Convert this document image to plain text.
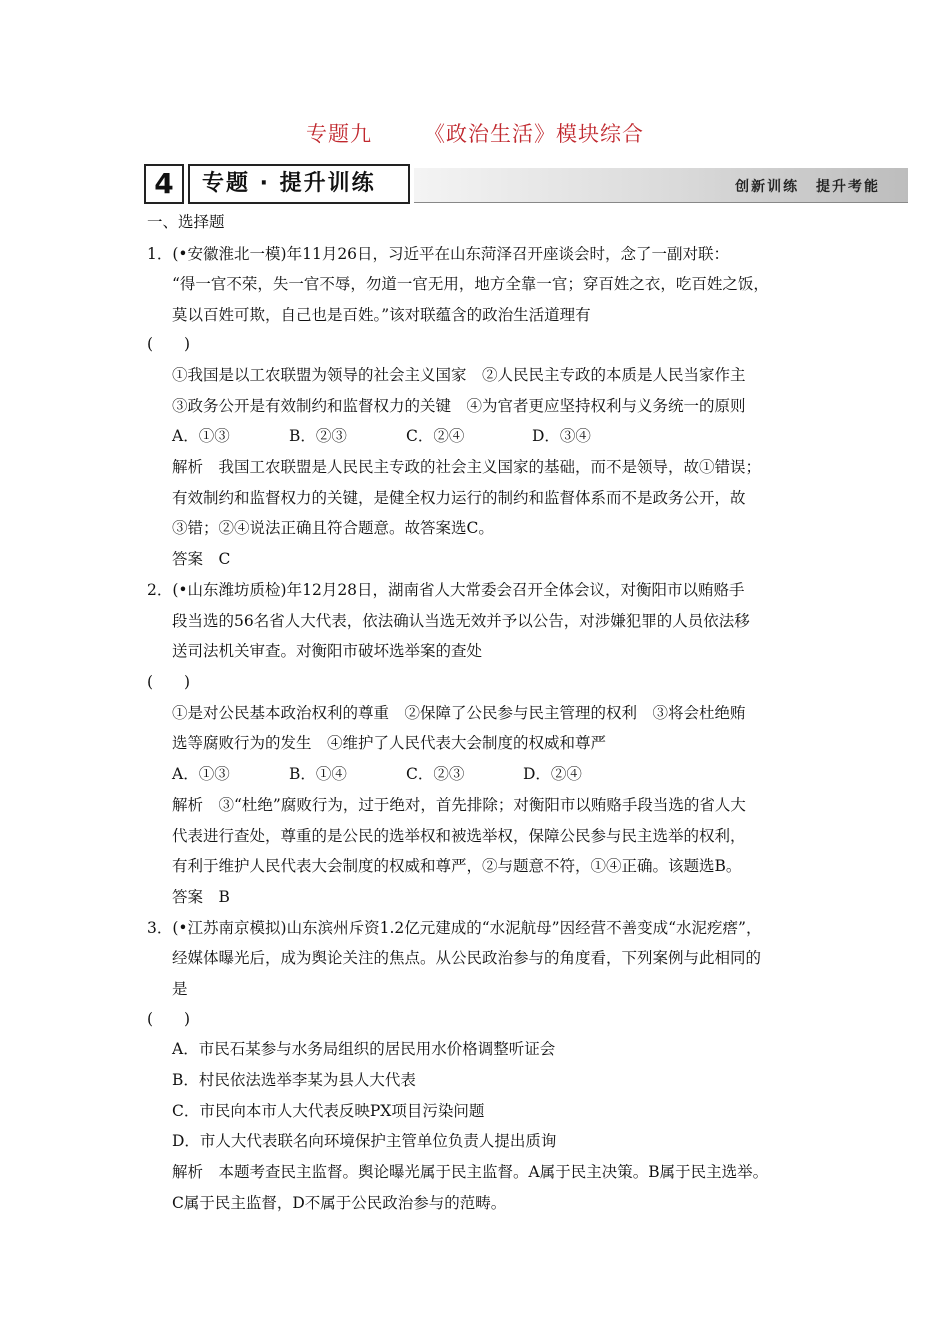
专题九 《政治生活》模块综合
4	专题 · 提升训练	创新训练 提升考能
一、选择题
1．(•安徽淮北一模)年11月26日，习近平在山东菏泽召开座谈会时，念了一副对联：
“得一官不荣，失一官不辱，勿道一官无用，地方全靠一官；穿百姓之衣，吃百姓之饭，
莫以百姓可欺，自己也是百姓。”该对联蕴含的政治生活道理有
(　　)
①我国是以工农联盟为领导的社会主义国家　②人民民主专政的本质是人民当家作主
③政务公开是有效制约和监督权力的关键　④为官者更应坚持权利与义务统一的原则
A．①③	B．②③	C．②④	D．③④
解析　我国工农联盟是人民民主专政的社会主义国家的基础，而不是领导，故①错误；
有效制约和监督权力的关键，是健全权力运行的制约和监督体系而不是政务公开，故
③错；②④说法正确且符合题意。故答案选C。
答案　C
2．(•山东潍坊质检)年12月28日，湖南省人大常委会召开全体会议，对衡阳市以贿赂手
段当选的56名省人大代表，依法确认当选无效并予以公告，对涉嫌犯罪的人员依法移
送司法机关审查。对衡阳市破坏选举案的查处
(　　)
①是对公民基本政治权利的尊重　②保障了公民参与民主管理的权利　③将会杜绝贿
选等腐败行为的发生　④维护了人民代表大会制度的权威和尊严
A．①③	B．①④	C．②③	D．②④
解析　③“杜绝”腐败行为，过于绝对，首先排除；对衡阳市以贿赂手段当选的省人大
代表进行查处，尊重的是公民的选举权和被选举权，保障公民参与民主选举的权利，
有利于维护人民代表大会制度的权威和尊严，②与题意不符，①④正确。该题选B。
答案　B
3．(•江苏南京模拟)山东滨州斥资1.2亿元建成的“水泥航母”因经营不善变成“水泥疙瘩”，
经媒体曝光后，成为舆论关注的焦点。从公民政治参与的角度看，下列案例与此相同的
是
(　　)
A．市民石某参与水务局组织的居民用水价格调整听证会
B．村民依法选举李某为县人大代表
C．市民向本市人大代表反映PX项目污染问题
D．市人大代表联名向环境保护主管单位负责人提出质询
解析　本题考查民主监督。舆论曝光属于民主监督。A属于民主决策。B属于民主选举。
C属于民主监督，D不属于公民政治参与的范畴。
